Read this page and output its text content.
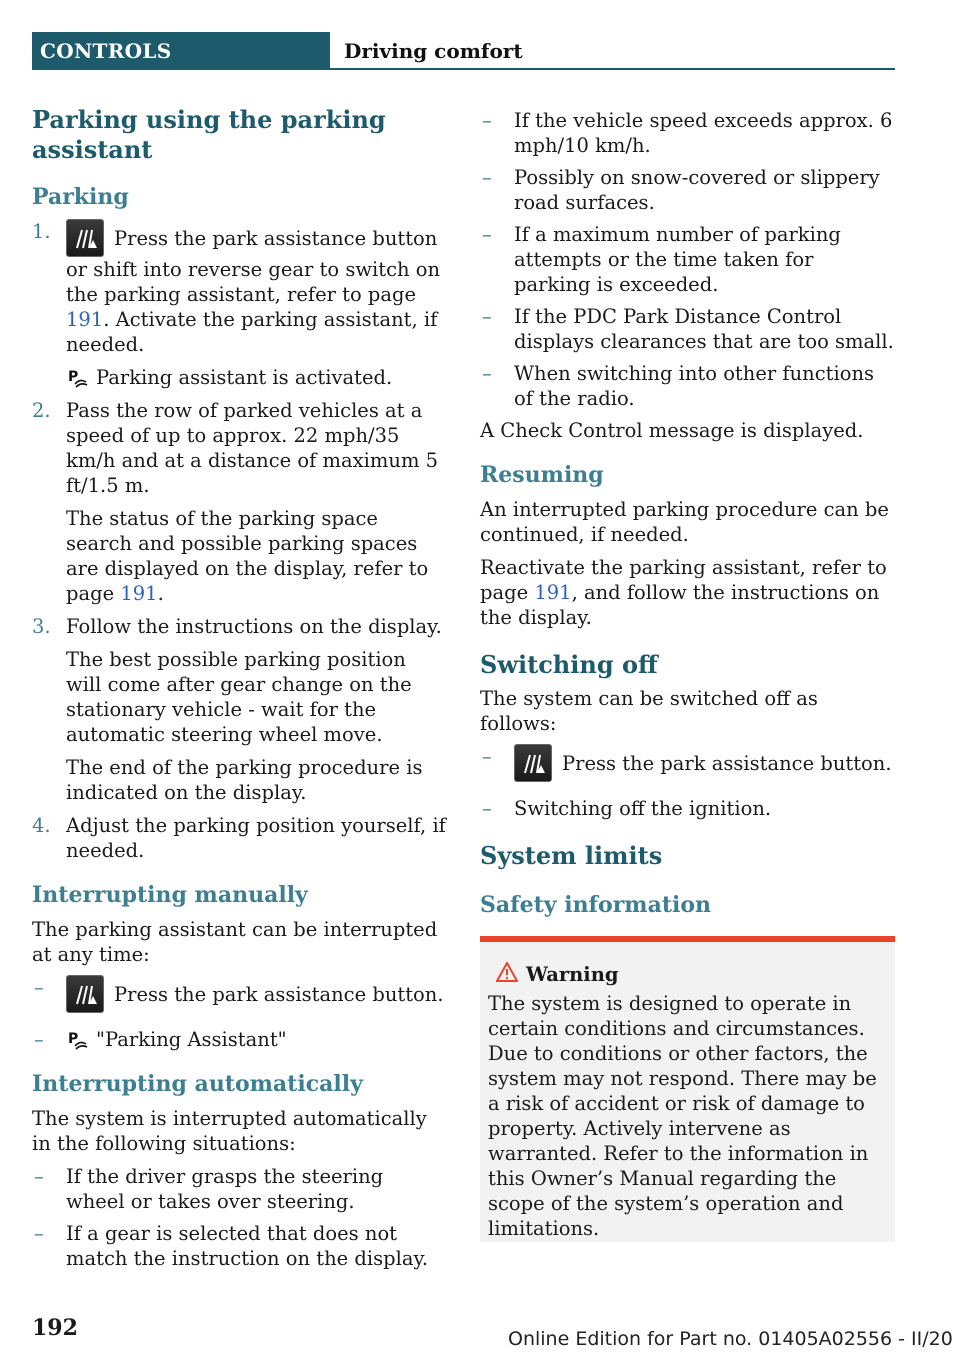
CONTROLS	Driving comfort
Parking using the parking assistant
Parking
1.	Press the park assistance button or shift into reverse gear to switch on the parking assistant, refer to page 191. Activate the parking assistant, if needed.
P Parking assistant is activated.
2. Pass the row of parked vehicles at a speed of up to approx. 22 mph/35 km/h and at a distance of maximum 5 ft/1.5 m.
The status of the parking space search and possible parking spaces are displayed on the display, refer to page 191.
3. Follow the instructions on the display.
The best possible parking position will come after gear change on the stationary vehicle - wait for the automatic steering wheel move.
The end of the parking procedure is indicated on the display.
4. Adjust the parking position yourself, if needed.
Interrupting manually
The parking assistant can be interrupted at any time:
–	Press the park assistance button.
– P "Parking Assistant"
Interrupting automatically
The system is interrupted automatically in the following situations:
– If the driver grasps the steering wheel or takes over steering.
– If a gear is selected that does not match the instruction on the display.
– If the vehicle speed exceeds approx. 6 mph/10 km/h.
– Possibly on snow-covered or slippery road surfaces.
– If a maximum number of parking attempts or the time taken for parking is exceeded.
– If the PDC Park Distance Control displays clearances that are too small.
– When switching into other functions of the radio.
A Check Control message is displayed.
Resuming
An interrupted parking procedure can be continued, if needed.
Reactivate the parking assistant, refer to page 191, and follow the instructions on the display.
Switching off
The system can be switched off as follows:
–	Press the park assistance button.
– Switching off the ignition.
System limits
Safety information
Warning
The system is designed to operate in certain conditions and circumstances. Due to conditions or other factors, the system may not respond. There may be a risk of accident or risk of damage to property. Actively intervene as warranted. Refer to the information in this Owner’s Manual regarding the scope of the system’s operation and limitations.
192	Online Edition for Part no. 01405A02556 - II/20
